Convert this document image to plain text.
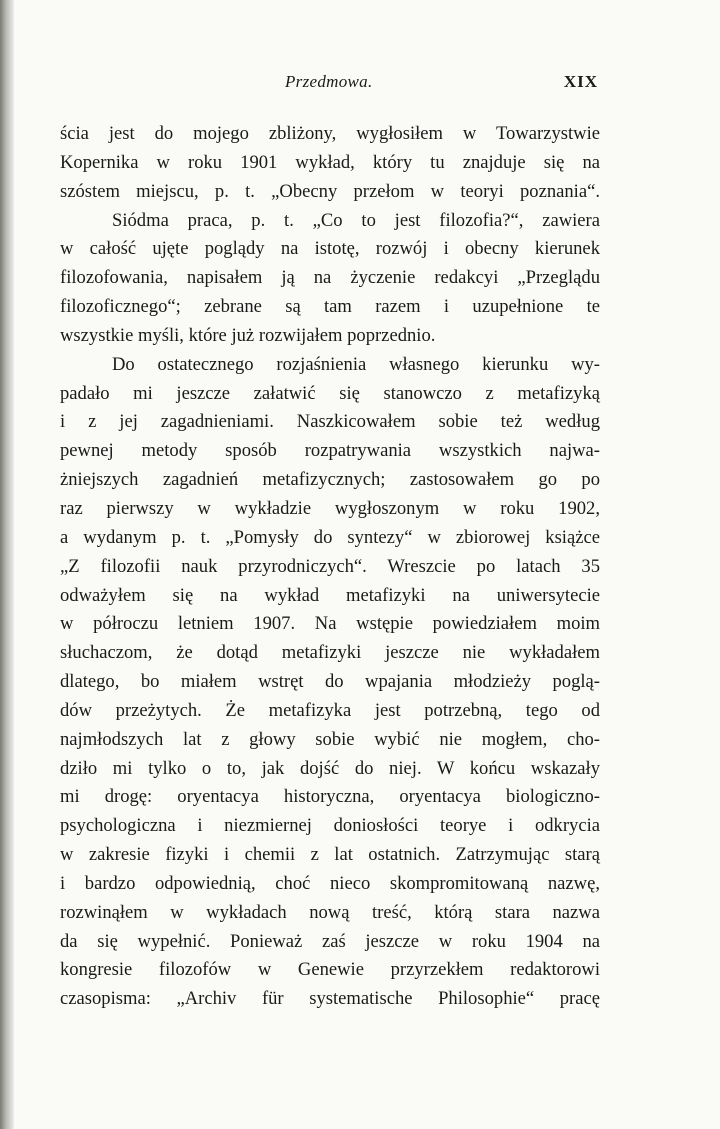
Przedmowa.	XIX
ścia jest do mojego zbliżony, wygłosiłem w Towarzystwie
Kopernika w roku 1901 wykład, który tu znajduje się na
szóstem miejscu, p. t. „Obecny przełom w teoryi poznania“.
Siódma praca, p. t. „Co to jest filozofia?“, zawiera
w całość ujęte poglądy na istotę, rozwój i obecny kierunek
filozofowania, napisałem ją na życzenie redakcyi „Przeglądu
filozoficznego“; zebrane są tam razem i uzupełnione te
wszystkie myśli, które już rozwijałem poprzednio.
Do ostatecznego rozjaśnienia własnego kierunku wy-
padało mi jeszcze załatwić się stanowczo z metafizyką
i z jej zagadnieniami. Naszkicowałem sobie też według
pewnej metody sposób rozpatrywania wszystkich najwa-
żniejszych zagadnień metafizycznych; zastosowałem go po
raz pierwszy w wykładzie wygłoszonym w roku 1902,
a wydanym p. t. „Pomysły do syntezy“ w zbiorowej książce
„Z filozofii nauk przyrodniczych“. Wreszcie po latach 35
odważyłem się na wykład metafizyki na uniwersytecie
w półroczu letniem 1907. Na wstępie powiedziałem moim
słuchaczom, że dotąd metafizyki jeszcze nie wykładałem
dlatego, bo miałem wstręt do wpajania młodzieży poglą-
dów przeżytych. Że metafizyka jest potrzebną, tego od
najmłodszych lat z głowy sobie wybić nie mogłem, cho-
dziło mi tylko o to, jak dojść do niej. W końcu wskazały
mi drogę: oryentacya historyczna, oryentacya biologiczno-
psychologiczna i niezmiernej doniosłości teorye i odkrycia
w zakresie fizyki i chemii z lat ostatnich. Zatrzymując starą
i bardzo odpowiednią, choć nieco skompromitowaną nazwę,
rozwinąłem w wykładach nową treść, którą stara nazwa
da się wypełnić. Ponieważ zaś jeszcze w roku 1904 na
kongresie filozofów w Genewie przyrzekłem redaktorowi
czasopisma: „Archiv für systematische Philosophie“ pracę
